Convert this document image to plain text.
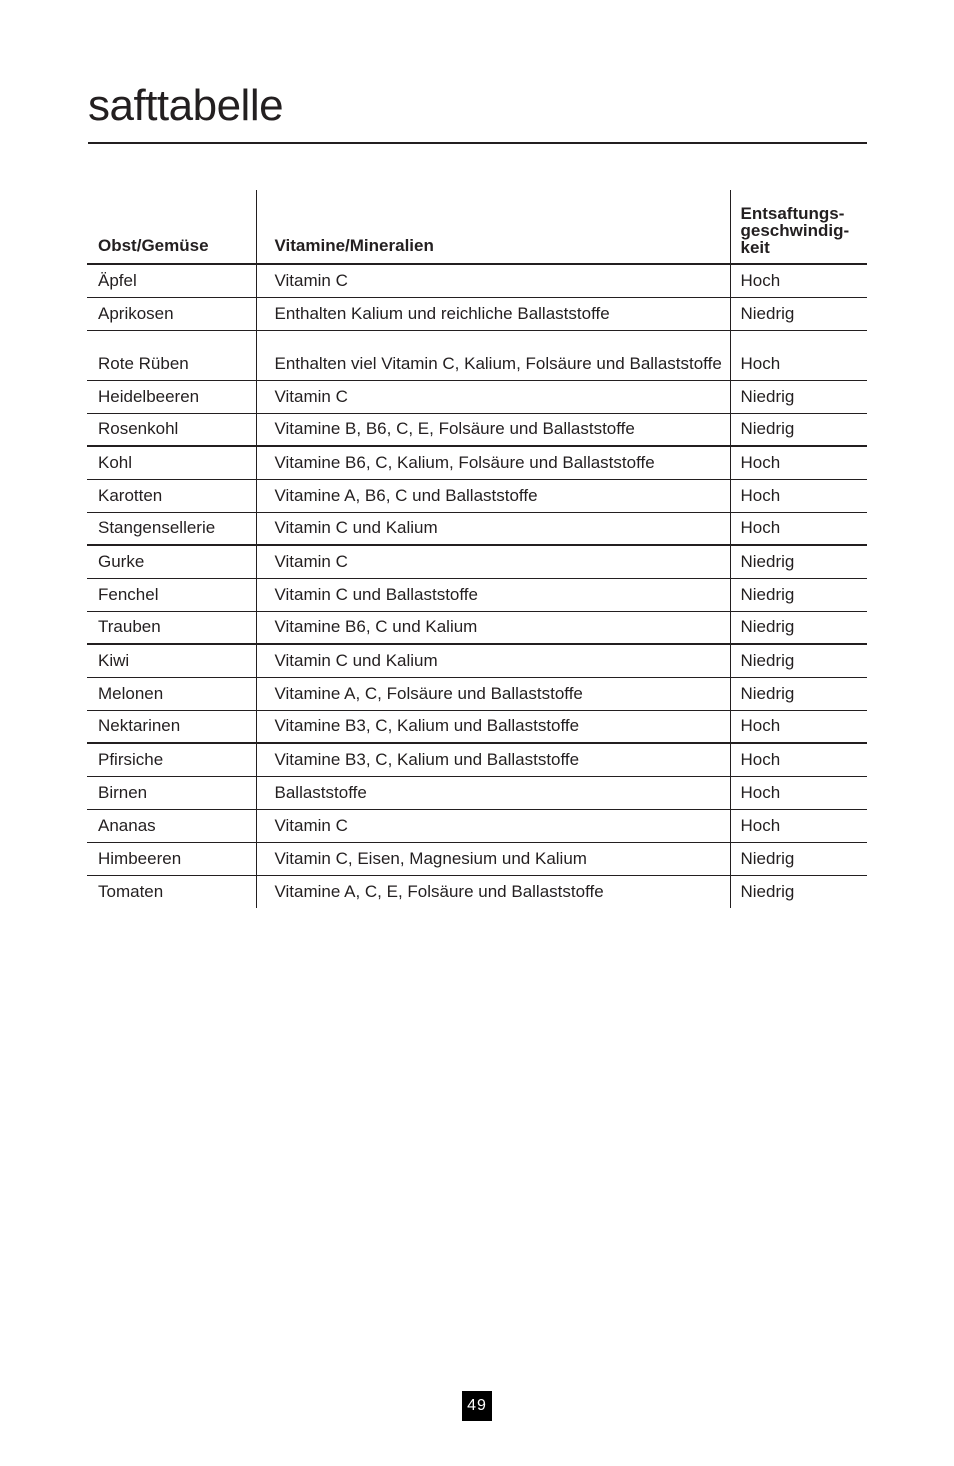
safttabelle
Obst/Gemüse	Vitamine/Mineralien	Entsaftungs-geschwindig-keit
Äpfel	Vitamin C	Hoch
Aprikosen	Enthalten Kalium und reichliche Ballaststoffe	Niedrig
Rote Rüben	Enthalten viel Vitamin C, Kalium, Folsäure und Ballaststoffe	Hoch
Heidelbeeren	Vitamin C	Niedrig
Rosenkohl	Vitamine B, B6, C, E, Folsäure und Ballaststoffe	Niedrig
Kohl	Vitamine B6, C, Kalium, Folsäure und Ballaststoffe	Hoch
Karotten	Vitamine A, B6, C und Ballaststoffe	Hoch
Stangensellerie	Vitamin C und Kalium	Hoch
Gurke	Vitamin C	Niedrig
Fenchel	Vitamin C und Ballaststoffe	Niedrig
Trauben	Vitamine B6, C und Kalium	Niedrig
Kiwi	Vitamin C und Kalium	Niedrig
Melonen	Vitamine A, C, Folsäure und Ballaststoffe	Niedrig
Nektarinen	Vitamine B3, C, Kalium und Ballaststoffe	Hoch
Pfirsiche	Vitamine B3, C, Kalium und Ballaststoffe	Hoch
Birnen	Ballaststoffe	Hoch
Ananas	Vitamin C	Hoch
Himbeeren	Vitamin C, Eisen, Magnesium und Kalium	Niedrig
Tomaten	Vitamine A, C, E, Folsäure und Ballaststoffe	Niedrig
49
